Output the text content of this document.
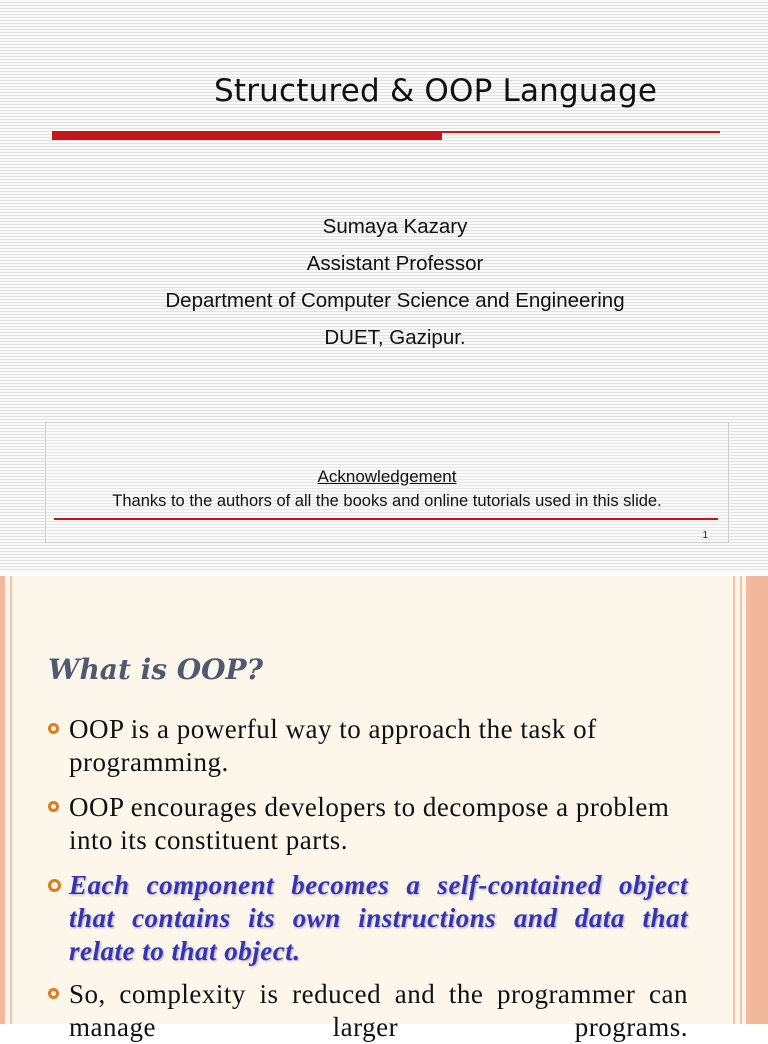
Structured & OOP Language
Sumaya Kazary
Assistant Professor
Department of Computer Science and Engineering
DUET, Gazipur.
Acknowledgement
Thanks to the authors of all the books and online tutorials used in this slide.
1
What is OOP?
OOP is a powerful way to approach the task of programming.
OOP encourages developers to decompose a problem into its constituent parts.
Each component becomes a self-contained object that contains its own instructions and data that relate to that object.
So, complexity is reduced and the programmer can manage larger programs.
